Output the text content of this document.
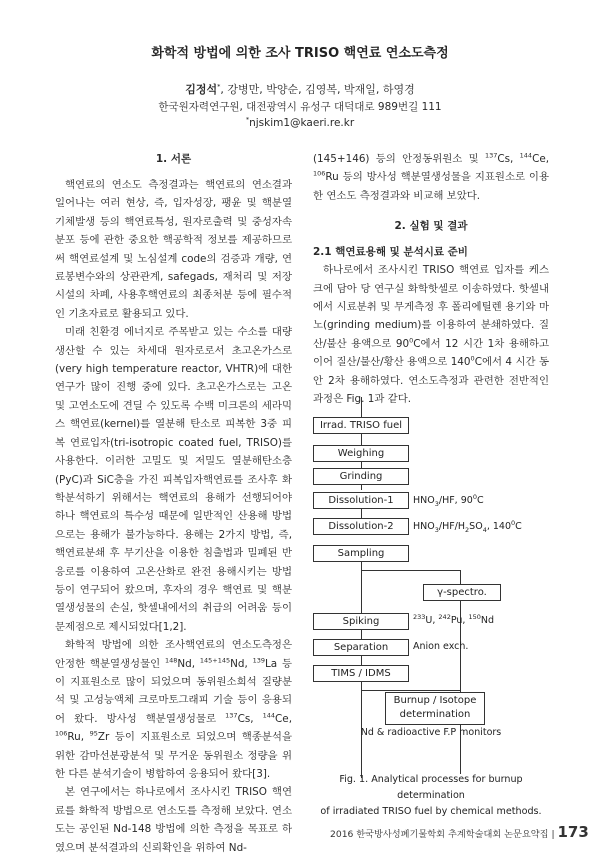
화학적 방법에 의한 조사 TRISO 핵연료 연소도측정
김정석*, 강병만, 박양순, 김영복, 박재일, 하영경
한국원자력연구원, 대전광역시 유성구 대덕대로 989번길 111
*njskim1@kaeri.re.kr
1. 서론

핵연료의 연소도 측정결과는 핵연료의 연소결과 일어나는 여러 현상, 즉, 입자성장, 팽윤 및 핵분열 기체발생 등의 핵연료특성, 원자로출력 및 중성자속분포 등에 관한 중요한 핵공학적 정보를 제공하므로써 핵연료설계 및 노심설계 code의 검증과 개량, 연료봉변수와의 상관관계, safegads, 재처리 및 저장시설의 차폐, 사용후핵연료의 최종처분 등에 필수적인 기초자료로 활용되고 있다.

미래 친환경 에너지로 주목받고 있는 수소를 대량생산할 수 있는 차세대 원자로로서 초고온가스로(very high temperature reactor, VHTR)에 대한 연구가 많이 진행 중에 있다. 초고온가스로는 고온 및 고연소도에 견딜 수 있도록 수백 미크론의 세라믹스 핵연료(kernel)를 열분해 탄소로 피복한 3중 피복 연료입자(tri-isotropic coated fuel, TRISO)를 사용한다. 이러한 고밀도 및 저밀도 열분해탄소층(PyC)과 SiC층을 가진 피복입자핵연료를 조사후 화학분석하기 위해서는 핵연료의 용해가 선행되어야 하나 핵연료의 특수성 때문에 일반적인 산용해 방법으로는 용해가 불가능하다. 용해는 2가지 방법, 즉, 핵연료분쇄 후 무기산을 이용한 침출법과 밀폐된 반응로를 이용하여 고온산화로 완전 용해시키는 방법 등이 연구되어 왔으며, 후자의 경우 핵연료 및 핵분열생성물의 손실, 핫셀내에서의 취급의 어려움 등이 문제점으로 제시되었다[1,2].

화학적 방법에 의한 조사핵연료의 연소도측정은 안정한 핵분열생성물인 $^{148}$Nd, $^{145+145}$Nd, $^{139}$La 등이 지표원소로 많이 되었으며 동위원소희석 질량분석 및 고성능액체 크로마토그래피 기술 등이 응용되어 왔다. 방사성 핵분열생성물로 $^{137}$Cs, $^{144}$Ce, $^{106}$Ru, $^{95}$Zr 등이 지표원소로 되었으며 핵종분석을 위한 감마선분광분석 및 무거운 동위원소 정량을 위한 다른 분석기술이 병합하여 응용되어 왔다[3].

본 연구에서는 하나로에서 조사시킨 TRISO 핵연료를 화학적 방법으로 연소도를 측정해 보았다. 연소도는 공인된 Nd-148 방법에 의한 측정을 목표로 하였으며 분석결과의 신뢰확인을 위하여 Nd-

(145+146) 등의 안정동위원소 및 $^{137}$Cs, $^{144}$Ce, $^{106}$Ru 등의 방사성 핵분열생성물을 지표원소로 이용한 연소도 측정결과와 비교해 보았다.

2. 실험 및 결과
2.1 핵연료용해 및 분석시료 준비

하나로에서 조사시킨 TRISO 핵연료 입자를 케스크에 담아 당 연구실 화학핫셀로 이송하였다. 핫셀내에서 시료분취 및 무게측정 후 폴리에틸렌 용기와 마노(grinding medium)를 이용하여 분쇄하였다. 질산/불산 용액으로 $90^0C$에서 12 시간 1차 용해하고 이어 질산/불산/황산 용액으로 $140^0C$에서 4 시간 동안 2차 용해하였다. 연소도측정과 관련한 전반적인 과정은 Fig. 1과 같다.

Irrad. TRISO fuel
Weighing
Grinding
Dissolution-1
Dissolution-2
Sampling
$HNO_3/HF$, $90^0C$
$HNO_3/HF/H_2SO_4$, $140^0C$
γ-spectro.
Spiking	$^{233}$U, $^{242}$Pu, $^{150}$Nd
Separation	Anion exch.
TIMS / IDMS
Burnup / Isotope
determination
Nd & radioactive F.P monitors
Fig. 1. Analytical processes for burnup determination
of irradiated TRISO fuel by chemical methods.
2016 한국방사성폐기물학회 추계학술대회 논문요약집 | 173
